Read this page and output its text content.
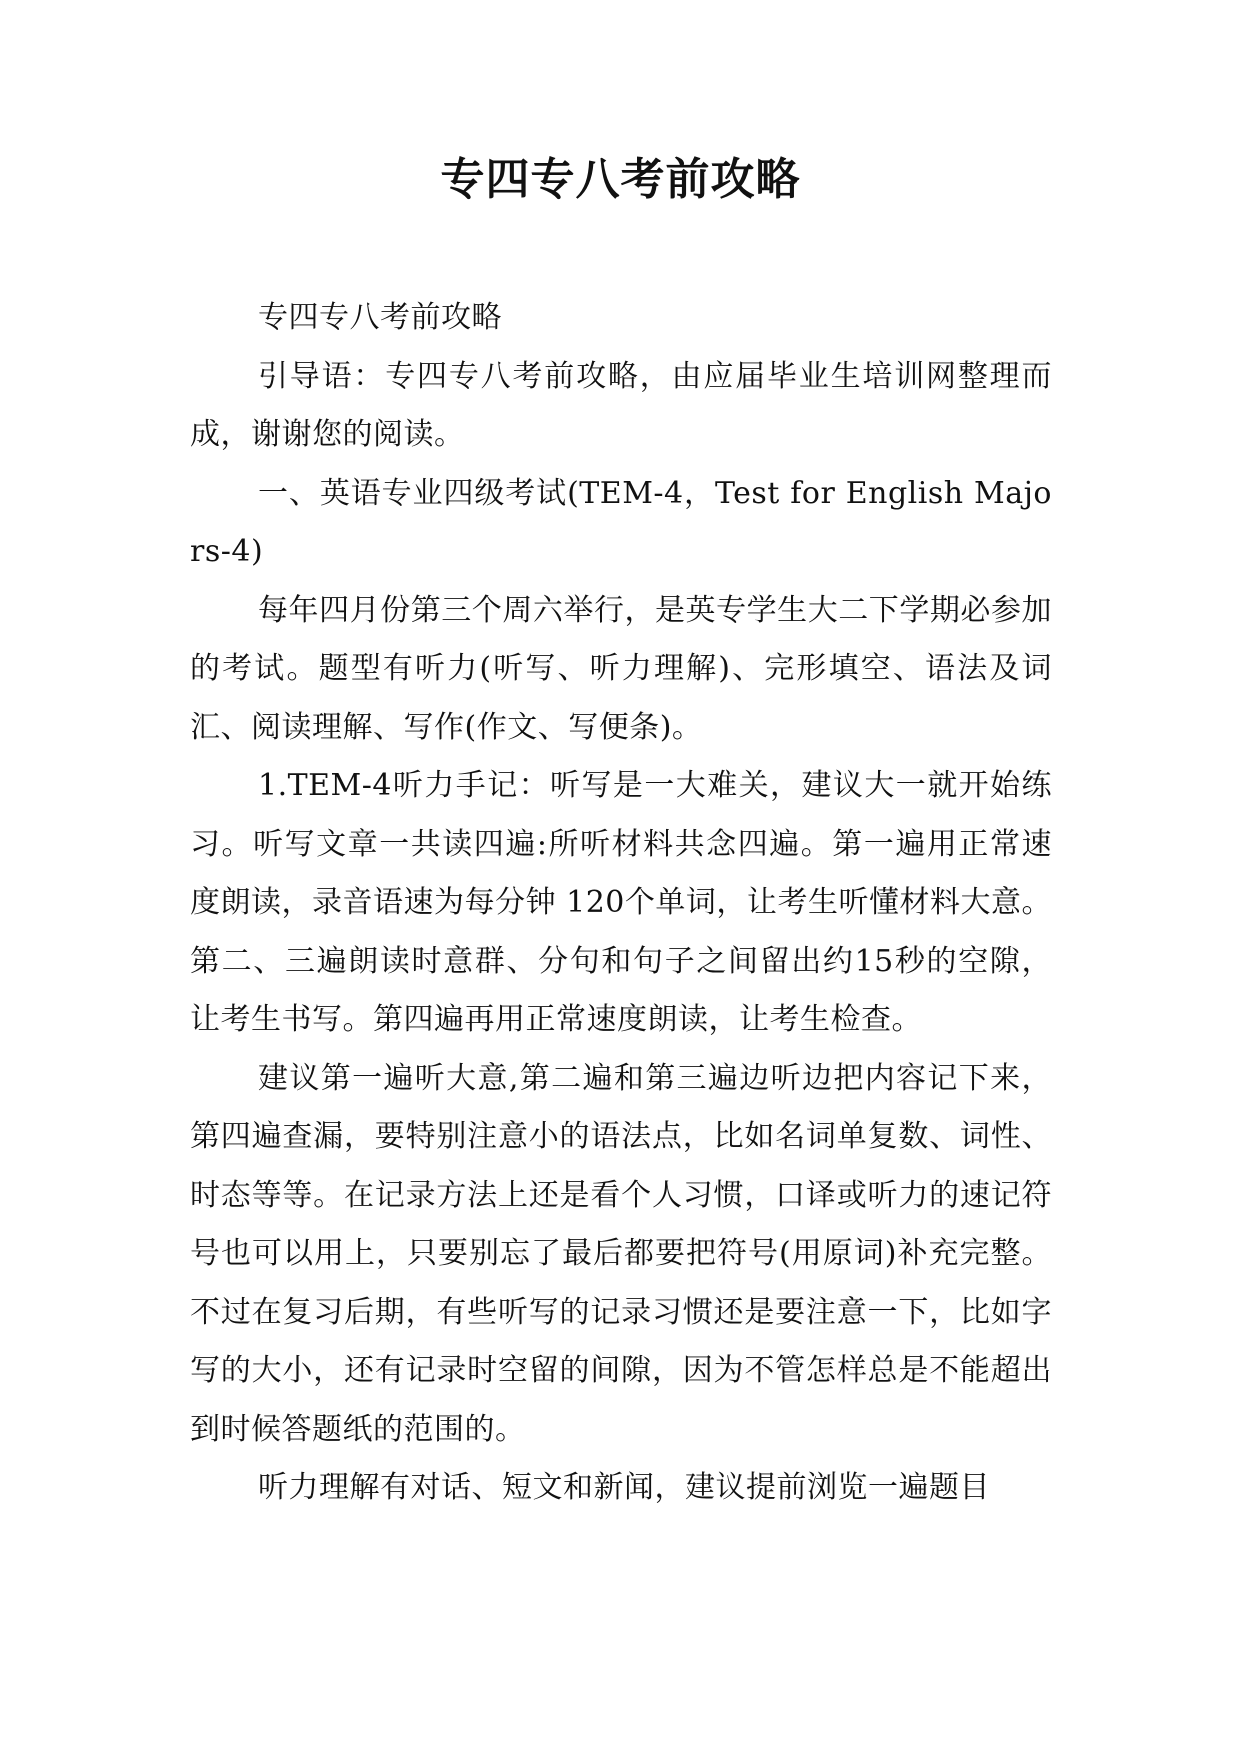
专四专八考前攻略

专四专八考前攻略

引导语：专四专八考前攻略，由应届毕业生培训网整理而成，谢谢您的阅读。

一、英语专业四级考试(TEM-4，Test for English Majors-4)

每年四月份第三个周六举行，是英专学生大二下学期必参加的考试。题型有听力(听写、听力理解)、完形填空、语法及词汇、阅读理解、写作(作文、写便条)。

1.TEM-4听力手记：听写是一大难关，建议大一就开始练习。听写文章一共读四遍:所听材料共念四遍。第一遍用正常速度朗读，录音语速为每分钟 120个单词，让考生听懂材料大意。第二、三遍朗读时意群、分句和句子之间留出约15秒的空隙，让考生书写。第四遍再用正常速度朗读，让考生检查。

建议第一遍听大意,第二遍和第三遍边听边把内容记下来，第四遍查漏，要特别注意小的语法点，比如名词单复数、词性、时态等等。在记录方法上还是看个人习惯，口译或听力的速记符号也可以用上，只要别忘了最后都要把符号(用原词)补充完整。不过在复习后期，有些听写的记录习惯还是要注意一下，比如字写的大小，还有记录时空留的间隙，因为不管怎样总是不能超出到时候答题纸的范围的。

听力理解有对话、短文和新闻，建议提前浏览一遍题目
